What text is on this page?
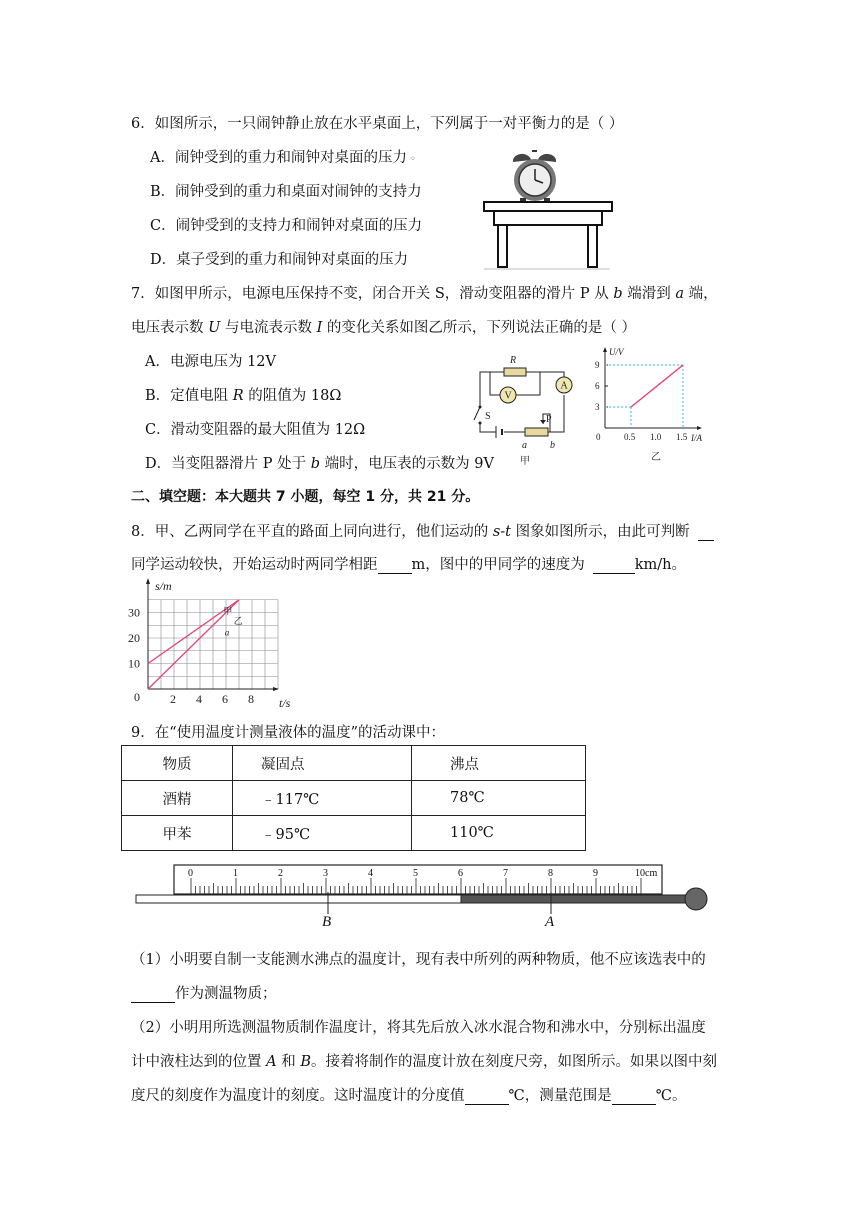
6．如图所示，一只闹钟静止放在水平桌面上，下列属于一对平衡力的是（ ）
A．闹钟受到的重力和闹钟对桌面的压力 ◦
B．闹钟受到的重力和桌面对闹钟的支持力
C．闹钟受到的支持力和闹钟对桌面的压力
D．桌子受到的重力和闹钟对桌面的压力
7．如图甲所示，电源电压保持不变，闭合开关 S，滑动变阻器的滑片 P 从 b 端滑到 a 端，
电压表示数 U 与电流表示数 I 的变化关系如图乙所示，下列说法正确的是（ ）
A．电源电压为 12V
B．定值电阻 R 的阻值为 18Ω
C．滑动变阻器的最大阻值为 12Ω
D．当变阻器滑片 P 处于 b 端时，电压表的示数为 9V
R
V
A
S	P
a b
甲
U/V
I/A
0	0.5 1.0 1.5
3
6
9
乙
二、填空题：本大题共 7 小题，每空 1 分，共 21 分。
8．甲、乙两同学在平直的路面上同向进行，他们运动的 s-t 图象如图所示，由此可判断
同学运动较快，开始运动时两同学相距 m，图中的甲同学的速度为	km/h。
s/m
t/s
0
10
20
30
2 4 6 8
甲
乙
a
9．在“使用温度计测量液体的温度”的活动课中：
物质	凝固点	沸点
酒精	﹣117℃	78℃
甲苯	﹣95℃	110℃
0	1	2	3	4	5	6	7	8	9	10cm
B	A
（1）小明要自制一支能测水沸点的温度计，现有表中所列的两种物质，他不应该选表中的
作为测温物质；
（2）小明用所选测温物质制作温度计，将其先后放入冰水混合物和沸水中，分别标出温度
计中液柱达到的位置 A 和 B。接着将制作的温度计放在刻度尺旁，如图所示。如果以图中刻
度尺的刻度作为温度计的刻度。这时温度计的分度值	℃，测量范围是	℃。
